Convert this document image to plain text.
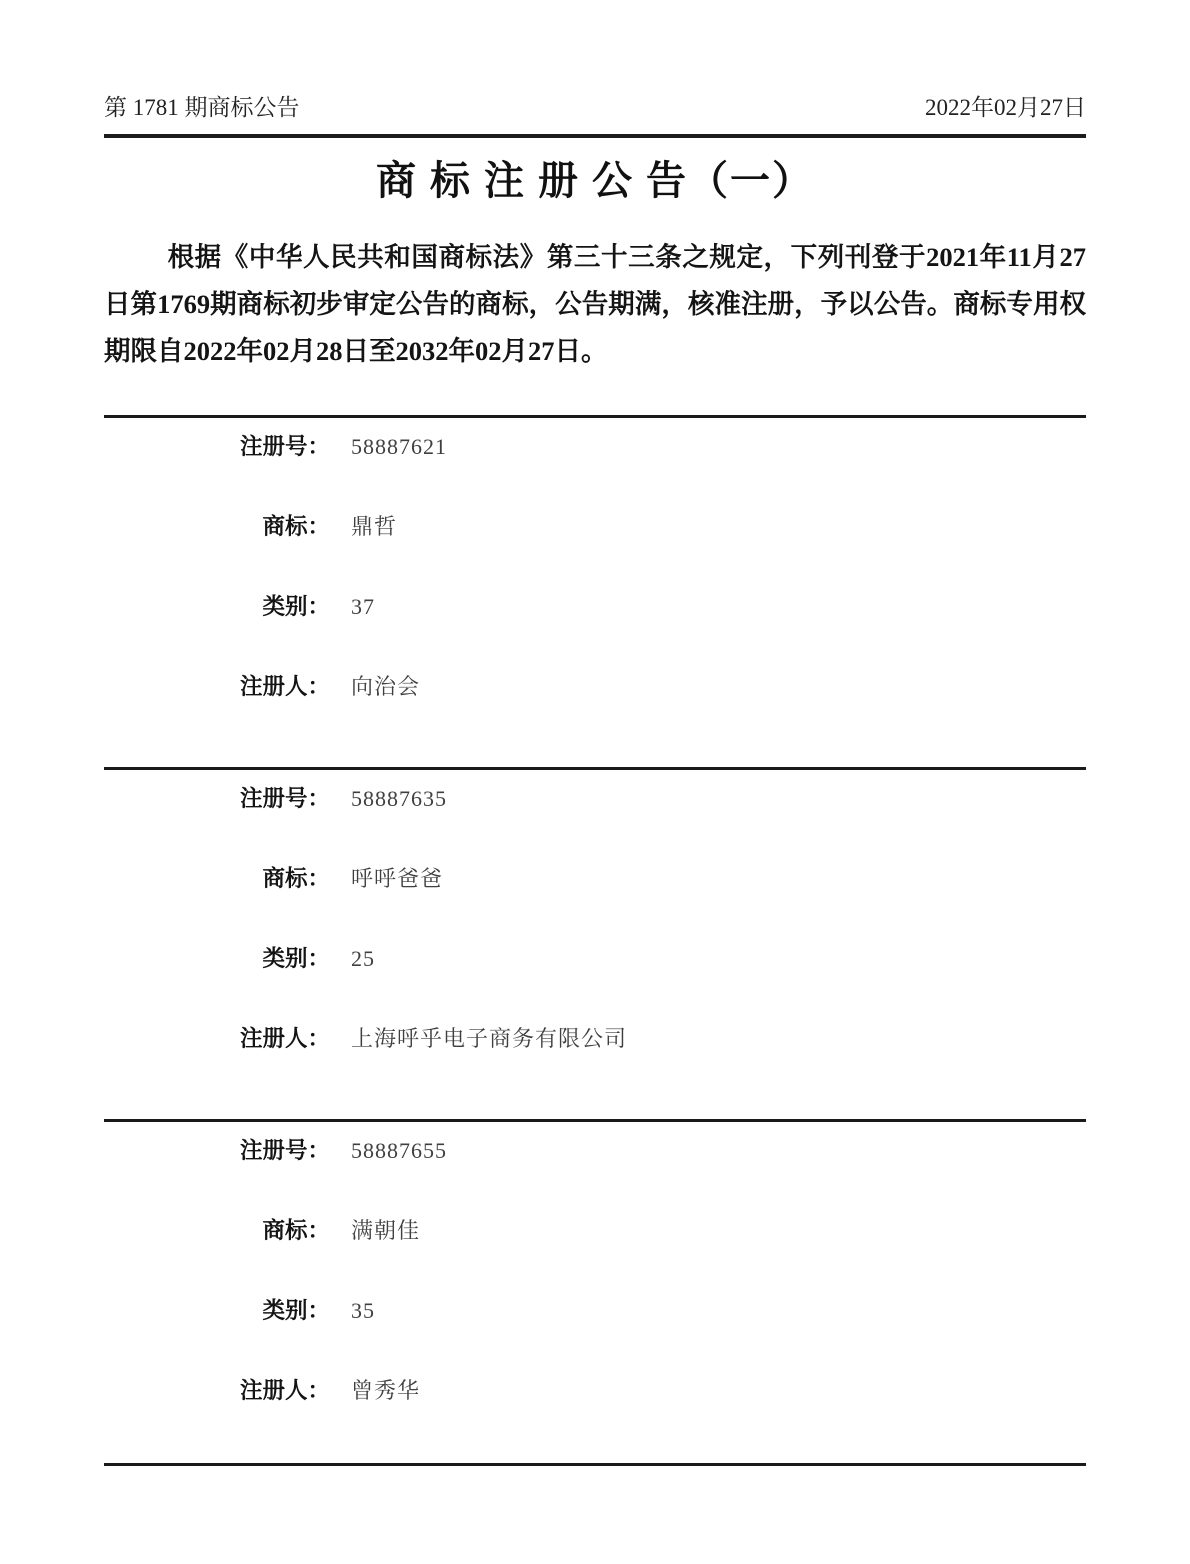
第 1781 期商标公告	2022年02月27日
商 标 注 册 公 告（一）

根据《中华人民共和国商标法》第三十三条之规定，下列刊登于2021年11月27日第1769期商标初步审定公告的商标，公告期满，核准注册，予以公告。商标专用权期限自2022年02月28日至2032年02月27日。

注册号： 58887621
商标： 鼎哲
类别： 37
注册人： 向治会
注册号： 58887635
商标： 呼呼爸爸
类别： 25
注册人： 上海呼乎电子商务有限公司
注册号： 58887655
商标： 满朝佳
类别： 35
注册人： 曾秀华
